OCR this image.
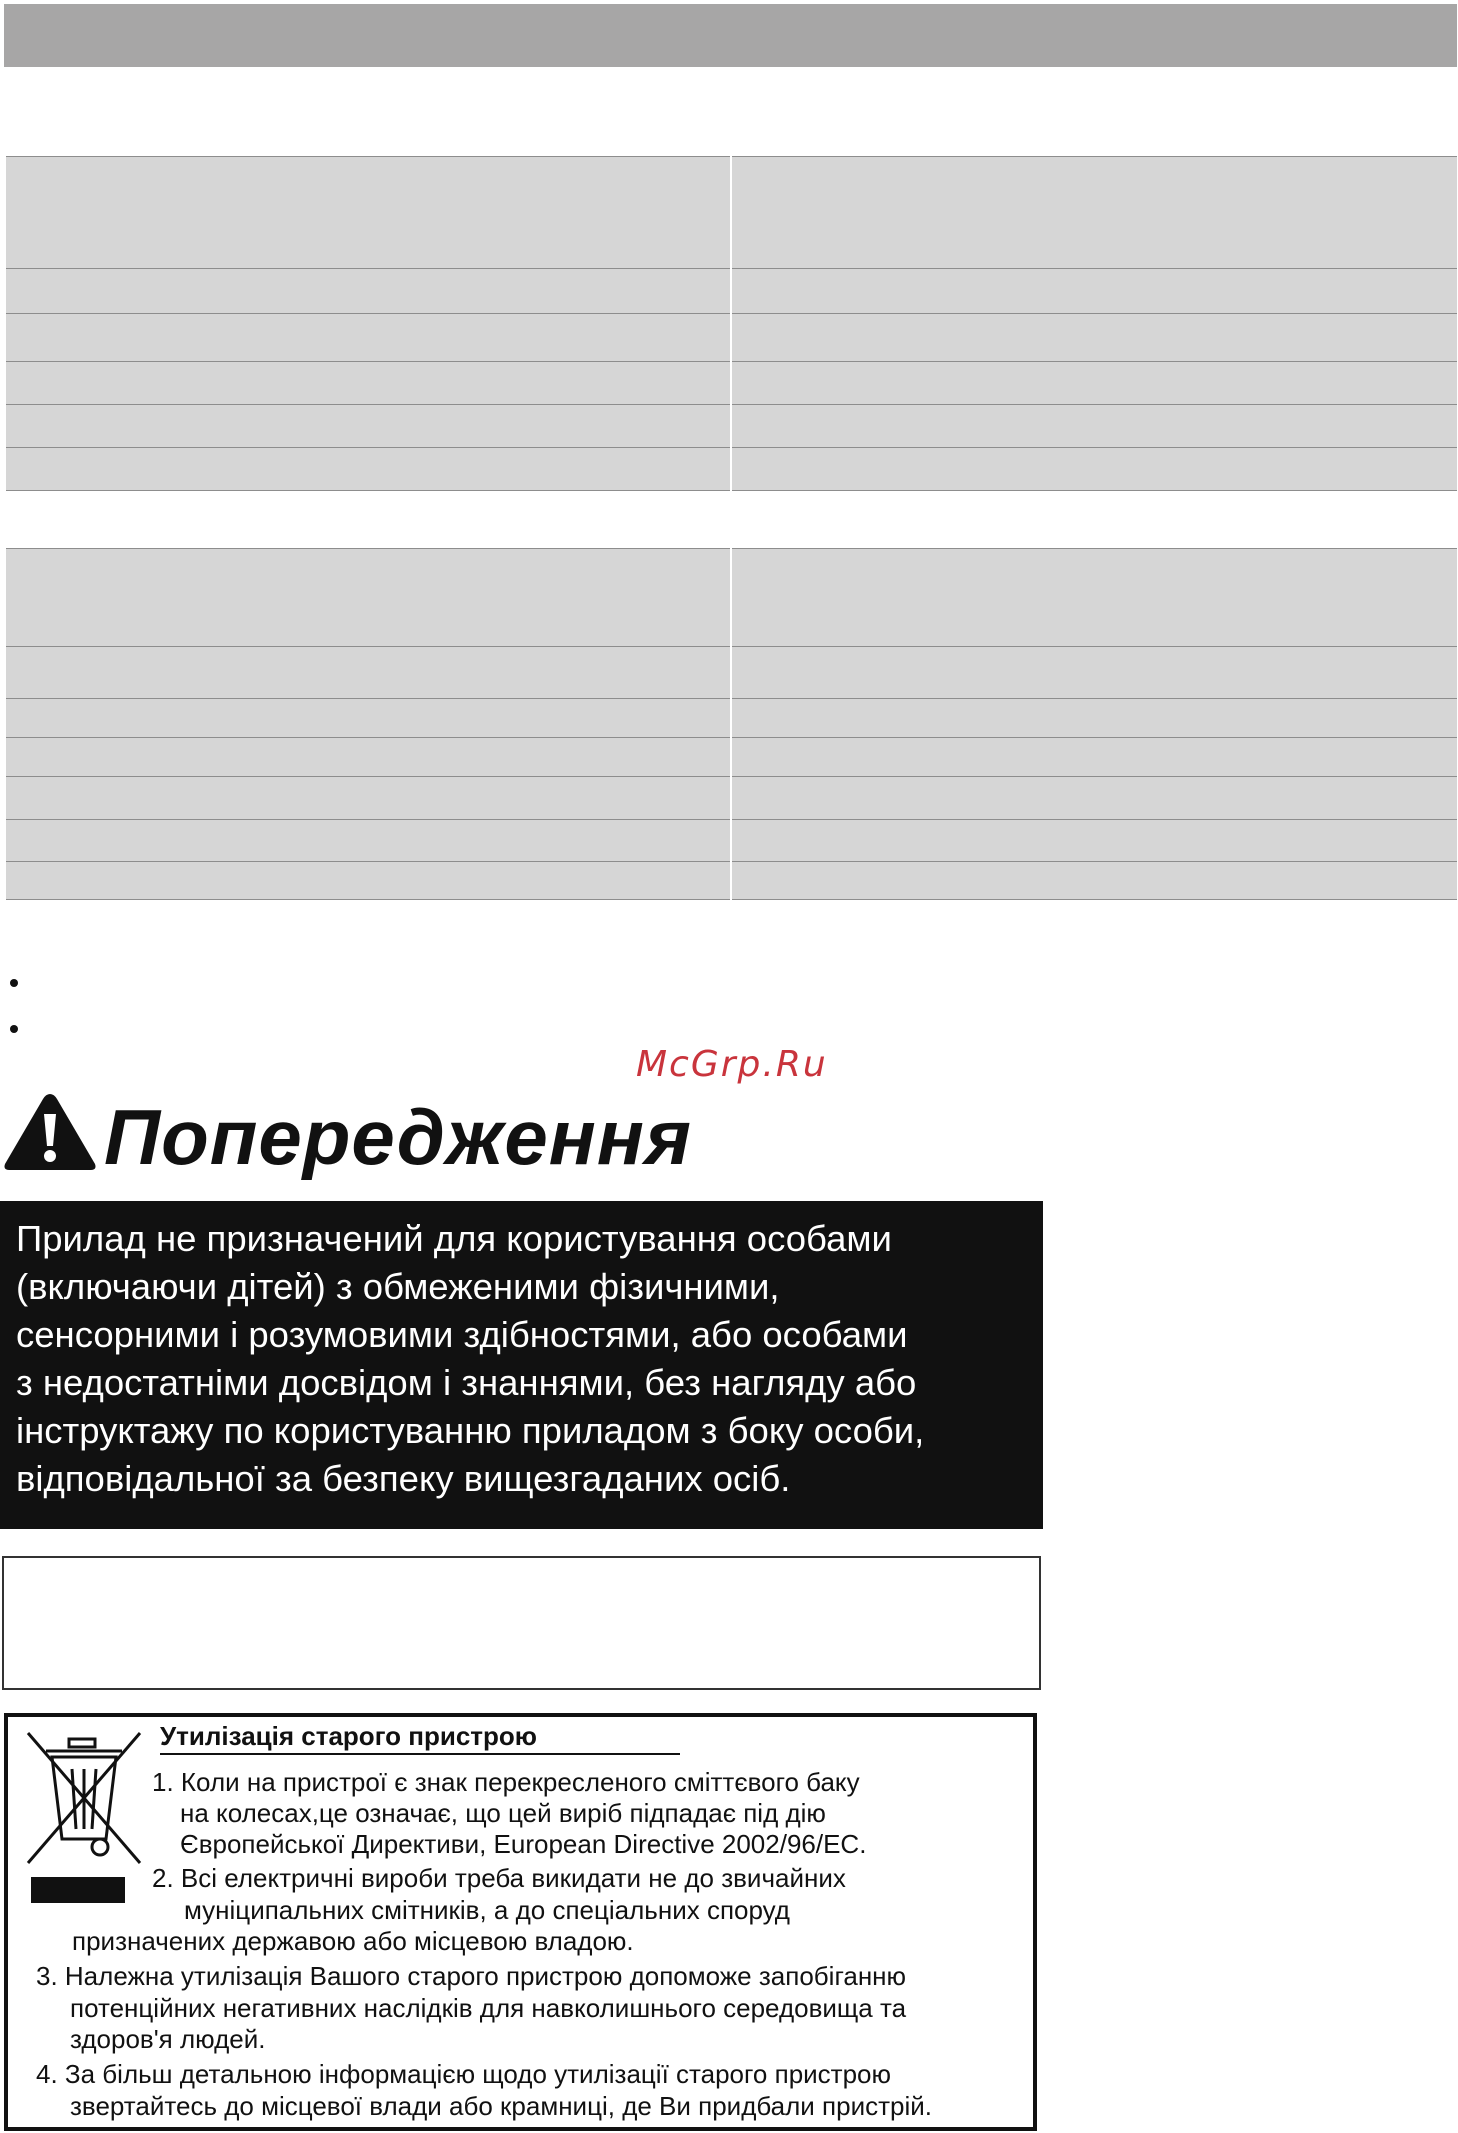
McGrp.Ru
Попередження
Прилад не призначений для користування особами
(включаючи дітей) з обмеженими фізичними,
сенсорними і розумовими здібностями, або особами
з недостатніми досвідом і знаннями, без нагляду або
інструктажу по користуванню приладом з боку особи,
відповідальної за безпеку вищезгаданих осіб.
Утилізація старого пристрою
1. Коли на пристрої є знак перекресленого сміттєвого баку
на колесах,це означає, що цей виріб підпадає під дію
Європейської Директиви, European Directive 2002/96/EC.
2. Всі електричні вироби треба викидати не до звичайних
муніципальних смітників, а до спеціальних споруд
призначених державою або місцевою владою.
3. Належна утилізація Вашого старого пристрою допоможе запобіганню
потенційних негативних наслідків для навколишнього середовища та
здоров'я людей.
4. За більш детальною інформацією щодо утилізації старого пристрою
звертайтесь до місцевої влади або крамниці, де Ви придбали пристрій.
